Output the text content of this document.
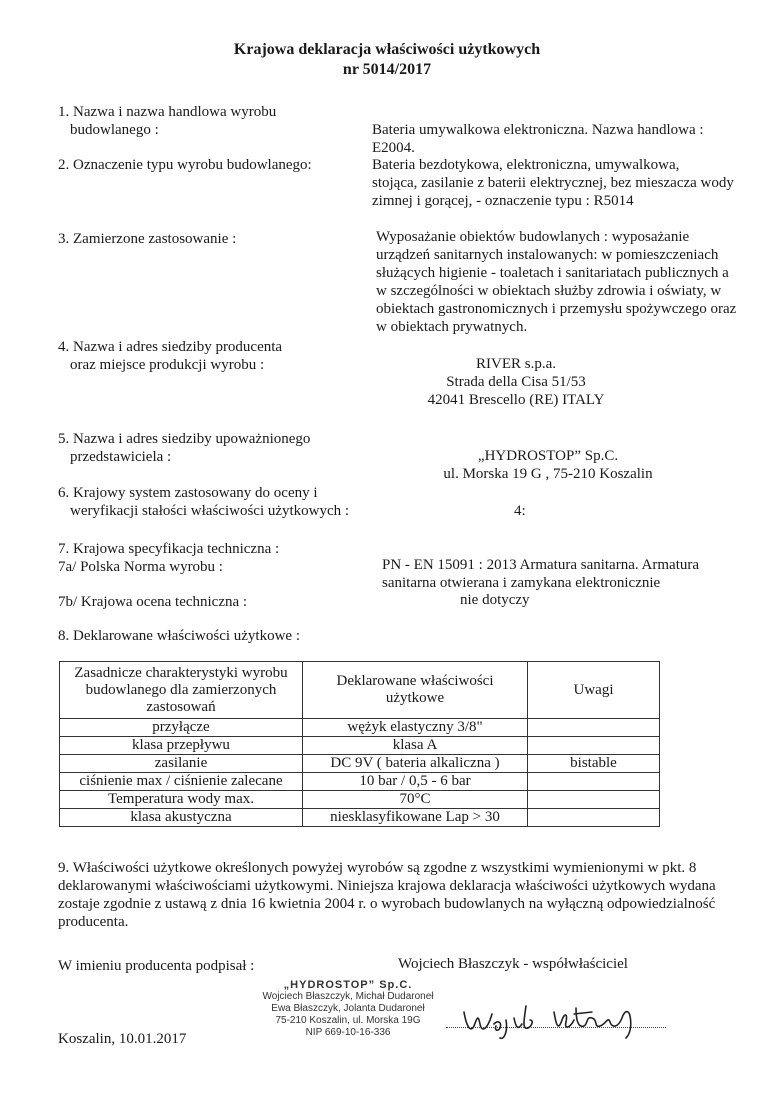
Krajowa deklaracja właściwości użytkowych
nr 5014/2017
1. Nazwa i nazwa handlowa wyrobu
budowlanego :	Bateria umywalkowa elektroniczna. Nazwa handlowa :
E2004.
2. Oznaczenie typu wyrobu budowlanego:	Bateria bezdotykowa, elektroniczna, umywalkowa,
stojąca, zasilanie z baterii elektrycznej, bez mieszacza wody
zimnej i gorącej, - oznaczenie typu : R5014
3. Zamierzone zastosowanie :	Wyposażanie obiektów budowlanych : wyposażanie
urządzeń sanitarnych instalowanych: w pomieszczeniach
służących higienie - toaletach i sanitariatach publicznych a
w szczególności w obiektach służby zdrowia i oświaty, w
obiektach gastronomicznych i przemysłu spożywczego oraz
w obiektach prywatnych.
4. Nazwa i adres siedziby producenta
oraz miejsce produkcji wyrobu :	RIVER s.p.a.
Strada della Cisa 51/53
42041 Brescello (RE) ITALY
5. Nazwa i adres siedziby upoważnionego
przedstawiciela :	„HYDROSTOP” Sp.C.
ul. Morska 19 G , 75-210 Koszalin
6. Krajowy system zastosowany do oceny i
weryfikacji stałości właściwości użytkowych :	4:
7. Krajowa specyfikacja techniczna :
7a/ Polska Norma wyrobu :	PN - EN 15091 : 2013 Armatura sanitarna. Armatura
sanitarna otwierana i zamykana elektronicznie
7b/ Krajowa ocena techniczna :	nie dotyczy
8. Deklarowane właściwości użytkowe :
Zasadnicze charakterystyki wyrobu
budowlanego dla zamierzonych
zastosowań	Deklarowane właściwości
użytkowe	Uwagi
przyłącze	wężyk elastyczny 3/8"	
klasa przepływu	klasa A	
zasilanie	DC 9V ( bateria alkaliczna )	bistable
ciśnienie max / ciśnienie zalecane	10 bar / 0,5 - 6 bar	
Temperatura wody max.	70°C	
klasa akustyczna	niesklasyfikowane Lap > 30	
9. Właściwości użytkowe określonych powyżej wyrobów są zgodne z wszystkimi wymienionymi w pkt. 8
deklarowanymi właściwościami użytkowymi. Niniejsza krajowa deklaracja właściwości użytkowych wydana
zostaje zgodnie z ustawą z dnia 16 kwietnia 2004 r. o wyrobach budowlanych na wyłączną odpowiedzialność
producenta.
W imieniu producenta podpisał :	Wojciech Błaszczyk - współwłaściciel
„HYDROSTOP” Sp.C.
Wojciech Błaszczyk, Michał Dudaroneł
Ewa Błaszczyk, Jolanta Dudaroneł
75-210 Koszalin, ul. Morska 19G
NIP 669-10-16-336
Koszalin, 10.01.2017
